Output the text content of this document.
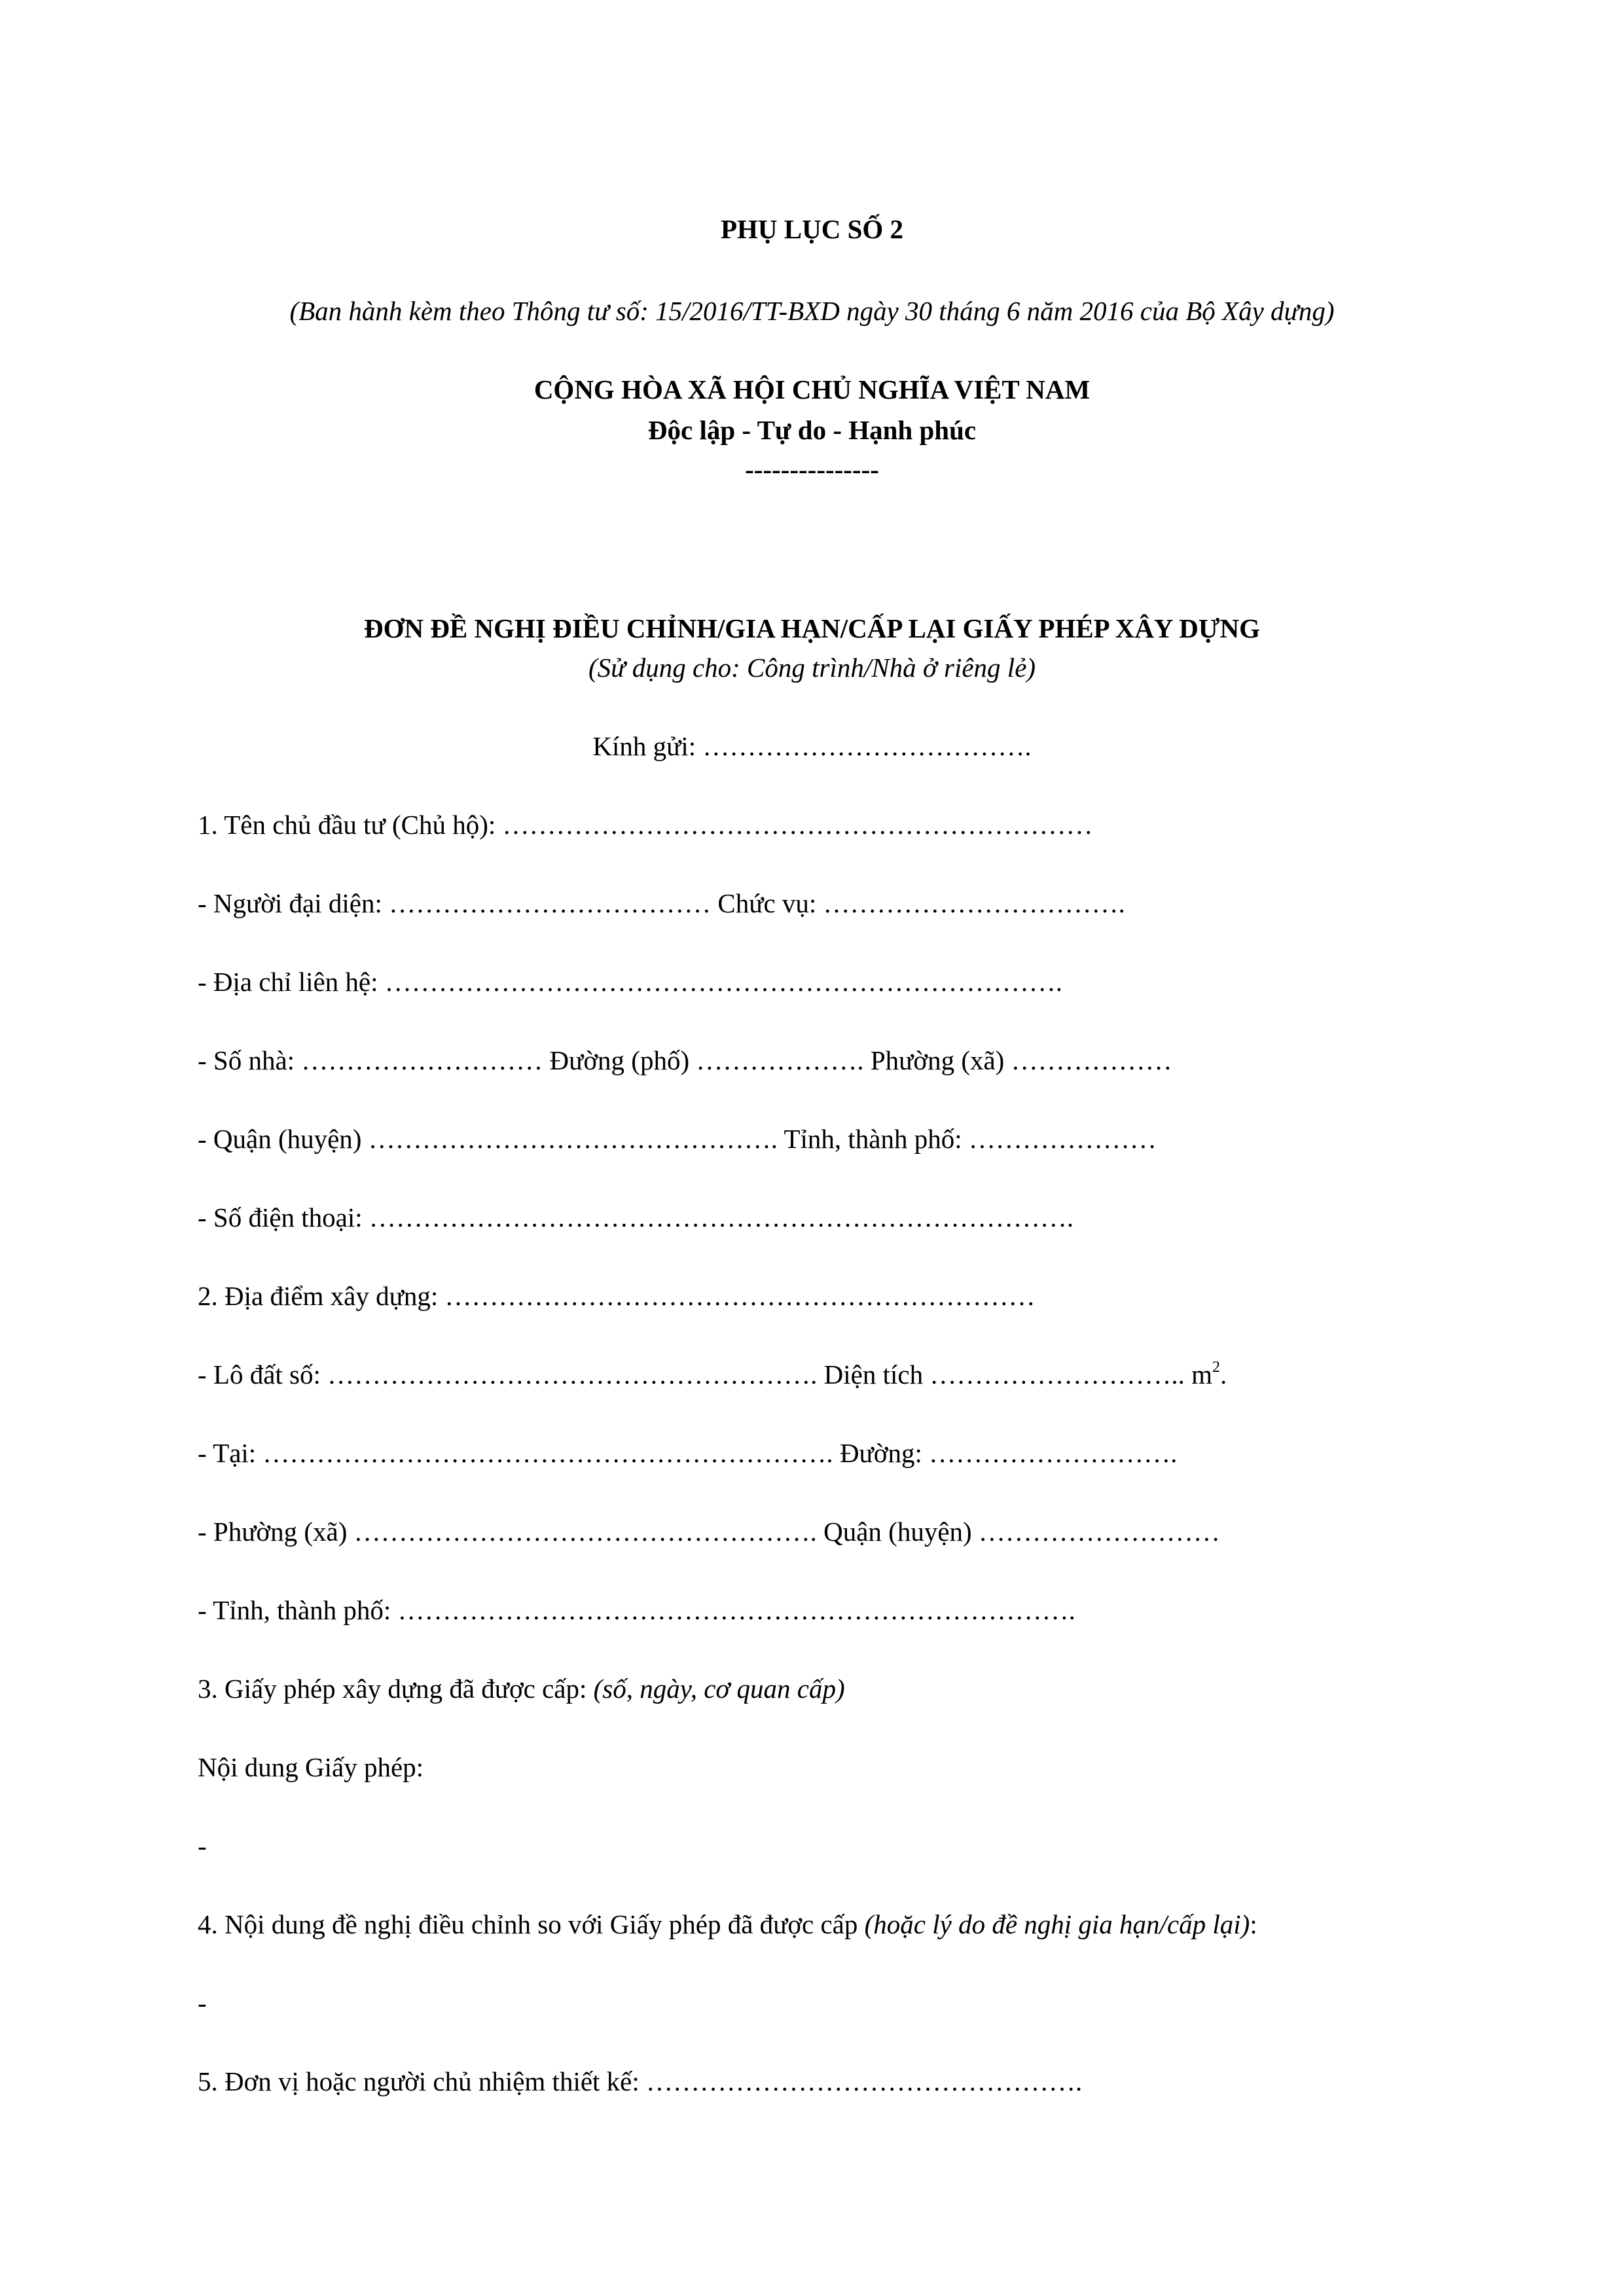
PHỤ LỤC SỐ 2
(Ban hành kèm theo Thông tư số: 15/2016/TT-BXD ngày 30 tháng 6 năm 2016 của Bộ Xây dựng)
CỘNG HÒA XÃ HỘI CHỦ NGHĨA VIỆT NAM
Độc lập - Tự do - Hạnh phúc
---------------
ĐƠN ĐỀ NGHỊ ĐIỀU CHỈNH/GIA HẠN/CẤP LẠI GIẤY PHÉP XÂY DỰNG
(Sử dụng cho: Công trình/Nhà ở riêng lẻ)
Kính gửi: ……………………………….
1. Tên chủ đầu tư (Chủ hộ): …………………………………………………………
- Người đại diện: ……………………………… Chức vụ: …………………………….
- Địa chỉ liên hệ: ………………………………………………………………….
- Số nhà: ……………………… Đường (phố) ………………. Phường (xã) ………………
- Quận (huyện) ………………………………………. Tỉnh, thành phố: …………………
- Số điện thoại: …………………………………………………………………….
2. Địa điểm xây dựng: …………………………………………………………
- Lô đất số: ………………………………………………. Diện tích ……………………….. $m^2$.
- Tại: ………………………………………………………. Đường: ……………………….
- Phường (xã) ……………………………………………. Quận (huyện) ………………………
- Tỉnh, thành phố: ………………………………………………………………….
3. Giấy phép xây dựng đã được cấp: (số, ngày, cơ quan cấp)
Nội dung Giấy phép:
-
4. Nội dung đề nghị điều chỉnh so với Giấy phép đã được cấp (hoặc lý do đề nghị gia hạn/cấp lại):
-
5. Đơn vị hoặc người chủ nhiệm thiết kế: ………………………………………….
